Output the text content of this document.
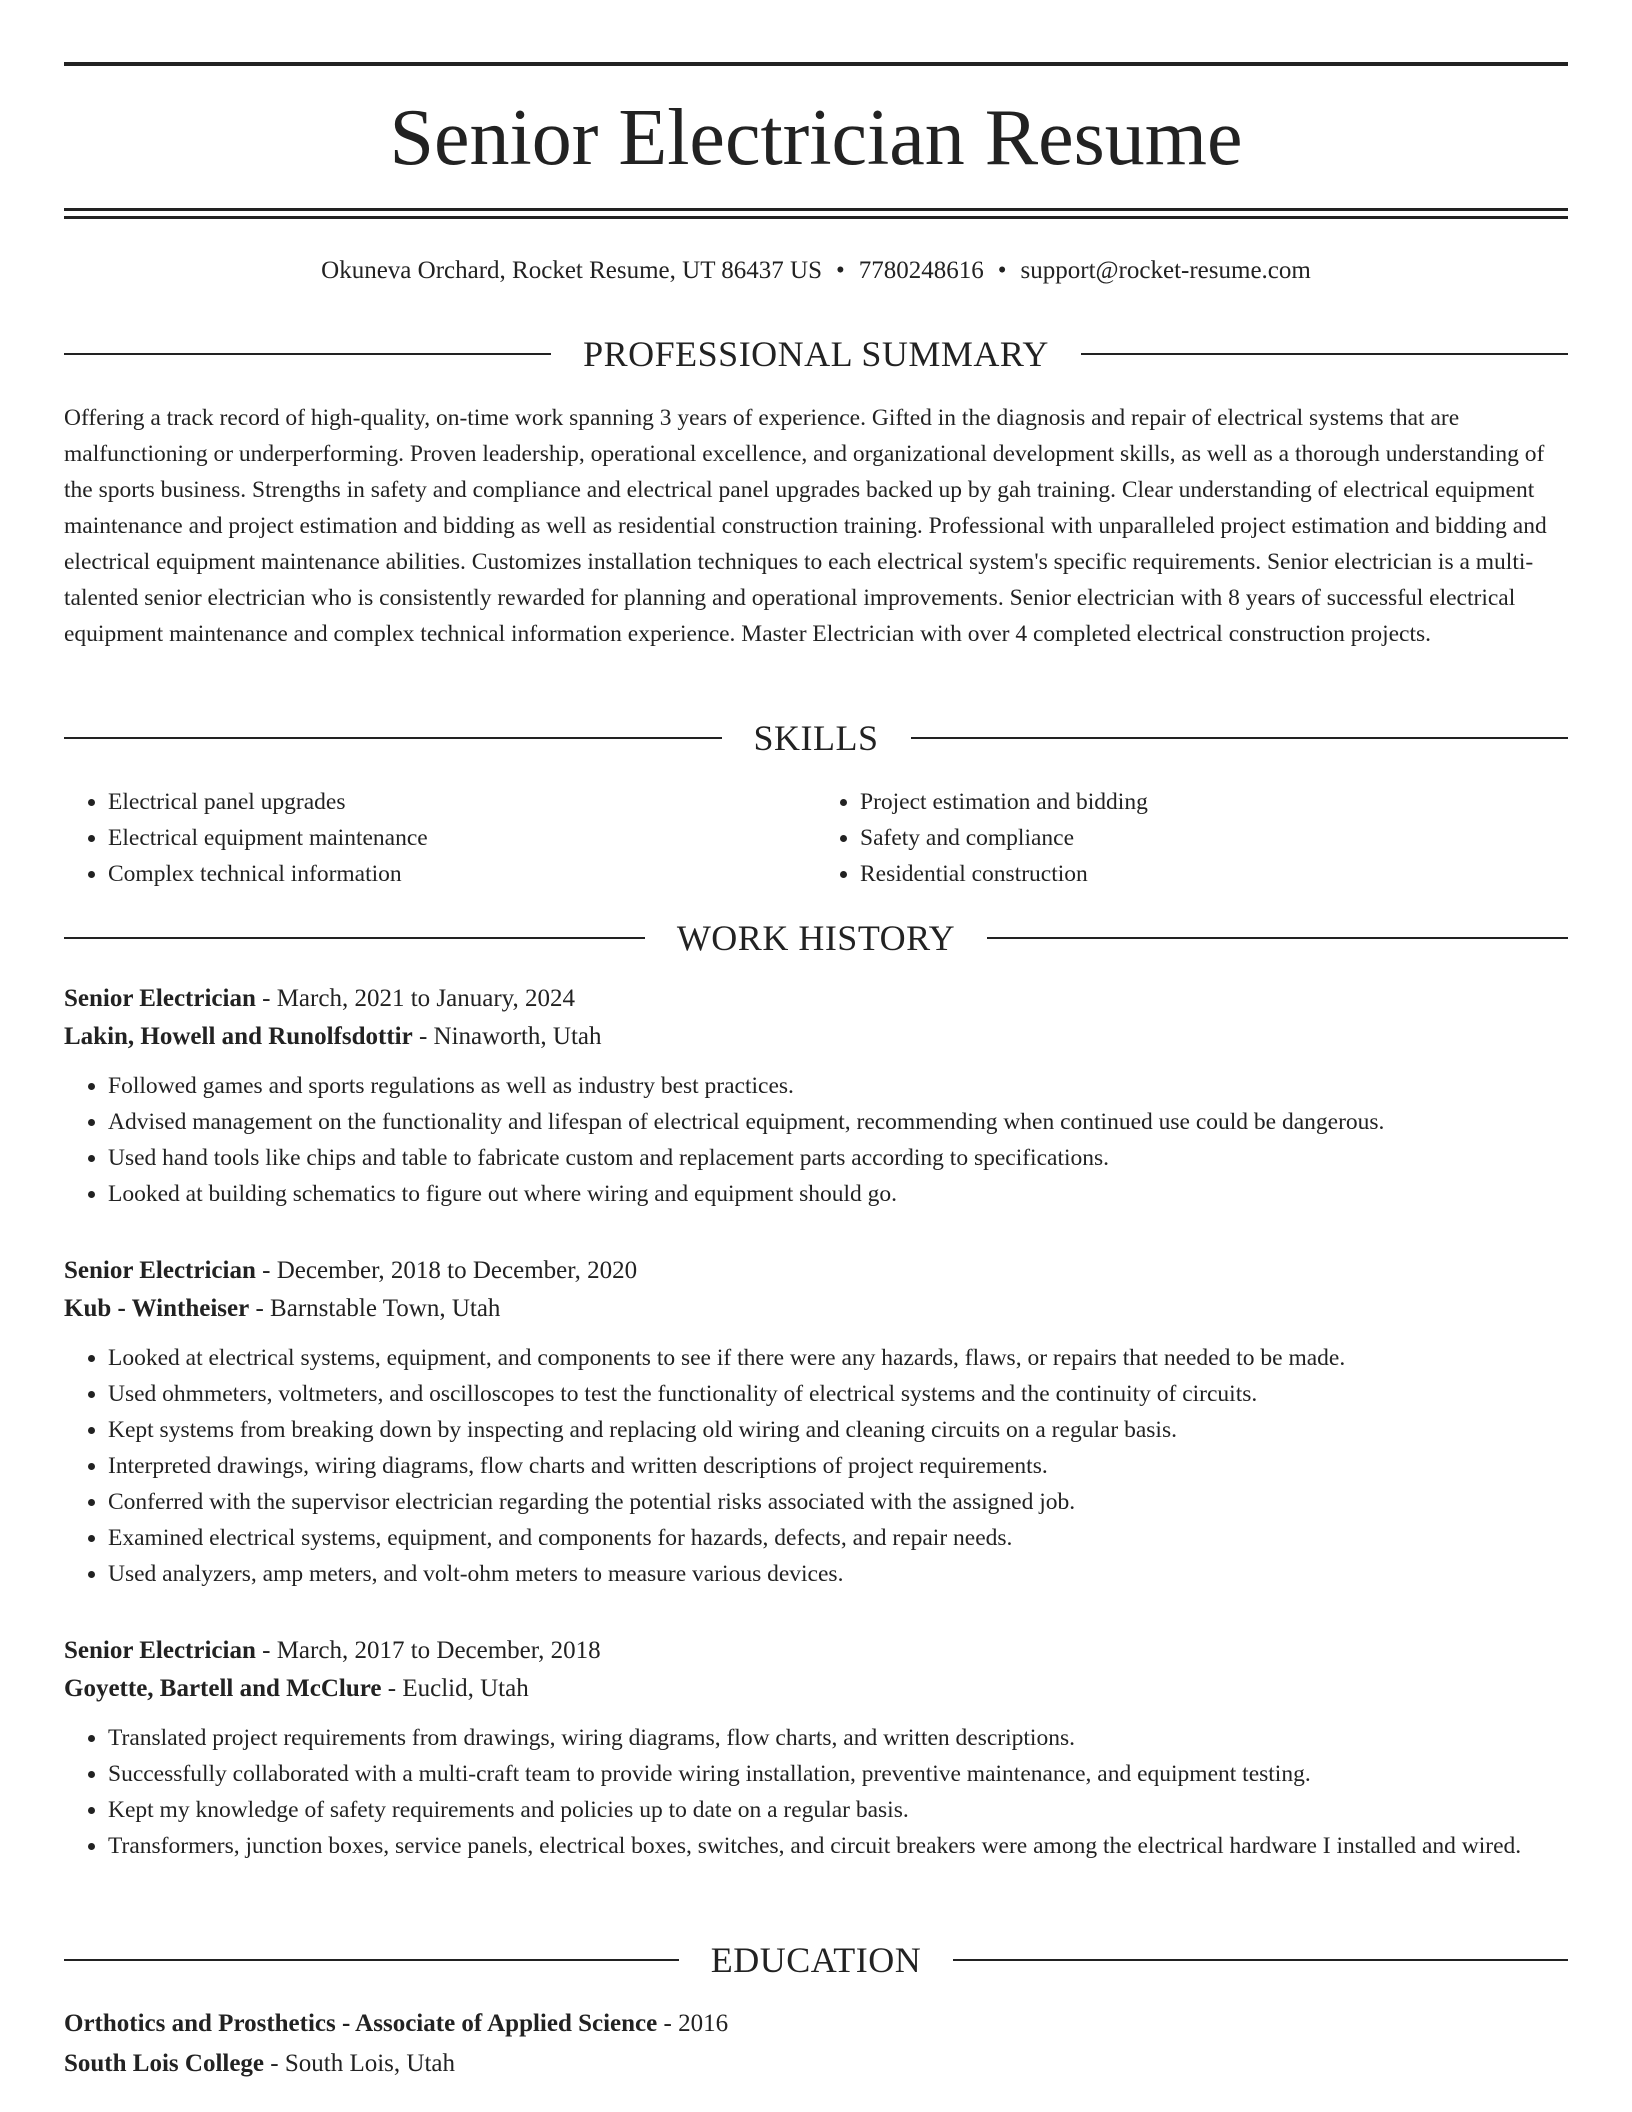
Senior Electrician Resume
Okuneva Orchard, Rocket Resume, UT 86437 US • 7780248616 • support@rocket-resume.com
PROFESSIONAL SUMMARY

Offering a track record of high-quality, on-time work spanning 3 years of experience. Gifted in the diagnosis and repair of electrical systems that are malfunctioning or underperforming. Proven leadership, operational excellence, and organizational development skills, as well as a thorough understanding of the sports business. Strengths in safety and compliance and electrical panel upgrades backed up by gah training. Clear understanding of electrical equipment maintenance and project estimation and bidding as well as residential construction training. Professional with unparalleled project estimation and bidding and electrical equipment maintenance abilities. Customizes installation techniques to each electrical system's specific requirements. Senior electrician is a multi-talented senior electrician who is consistently rewarded for planning and operational improvements. Senior electrician with 8 years of successful electrical equipment maintenance and complex technical information experience. Master Electrician with over 4 completed electrical construction projects.

SKILLS
• Electrical panel upgrades
• Electrical equipment maintenance
• Complex technical information
• Project estimation and bidding
• Safety and compliance
• Residential construction
WORK HISTORY
Senior Electrician - March, 2021 to January, 2024
Lakin, Howell and Runolfsdottir - Ninaworth, Utah
• Followed games and sports regulations as well as industry best practices.
• Advised management on the functionality and lifespan of electrical equipment, recommending when continued use could be dangerous.
• Used hand tools like chips and table to fabricate custom and replacement parts according to specifications.
• Looked at building schematics to figure out where wiring and equipment should go.
Senior Electrician - December, 2018 to December, 2020
Kub - Wintheiser - Barnstable Town, Utah
• Looked at electrical systems, equipment, and components to see if there were any hazards, flaws, or repairs that needed to be made.
• Used ohmmeters, voltmeters, and oscilloscopes to test the functionality of electrical systems and the continuity of circuits.
• Kept systems from breaking down by inspecting and replacing old wiring and cleaning circuits on a regular basis.
• Interpreted drawings, wiring diagrams, flow charts and written descriptions of project requirements.
• Conferred with the supervisor electrician regarding the potential risks associated with the assigned job.
• Examined electrical systems, equipment, and components for hazards, defects, and repair needs.
• Used analyzers, amp meters, and volt-ohm meters to measure various devices.
Senior Electrician - March, 2017 to December, 2018
Goyette, Bartell and McClure - Euclid, Utah
• Translated project requirements from drawings, wiring diagrams, flow charts, and written descriptions.
• Successfully collaborated with a multi-craft team to provide wiring installation, preventive maintenance, and equipment testing.
• Kept my knowledge of safety requirements and policies up to date on a regular basis.
• Transformers, junction boxes, service panels, electrical boxes, switches, and circuit breakers were among the electrical hardware I installed and wired.
EDUCATION
Orthotics and Prosthetics - Associate of Applied Science - 2016
South Lois College - South Lois, Utah
